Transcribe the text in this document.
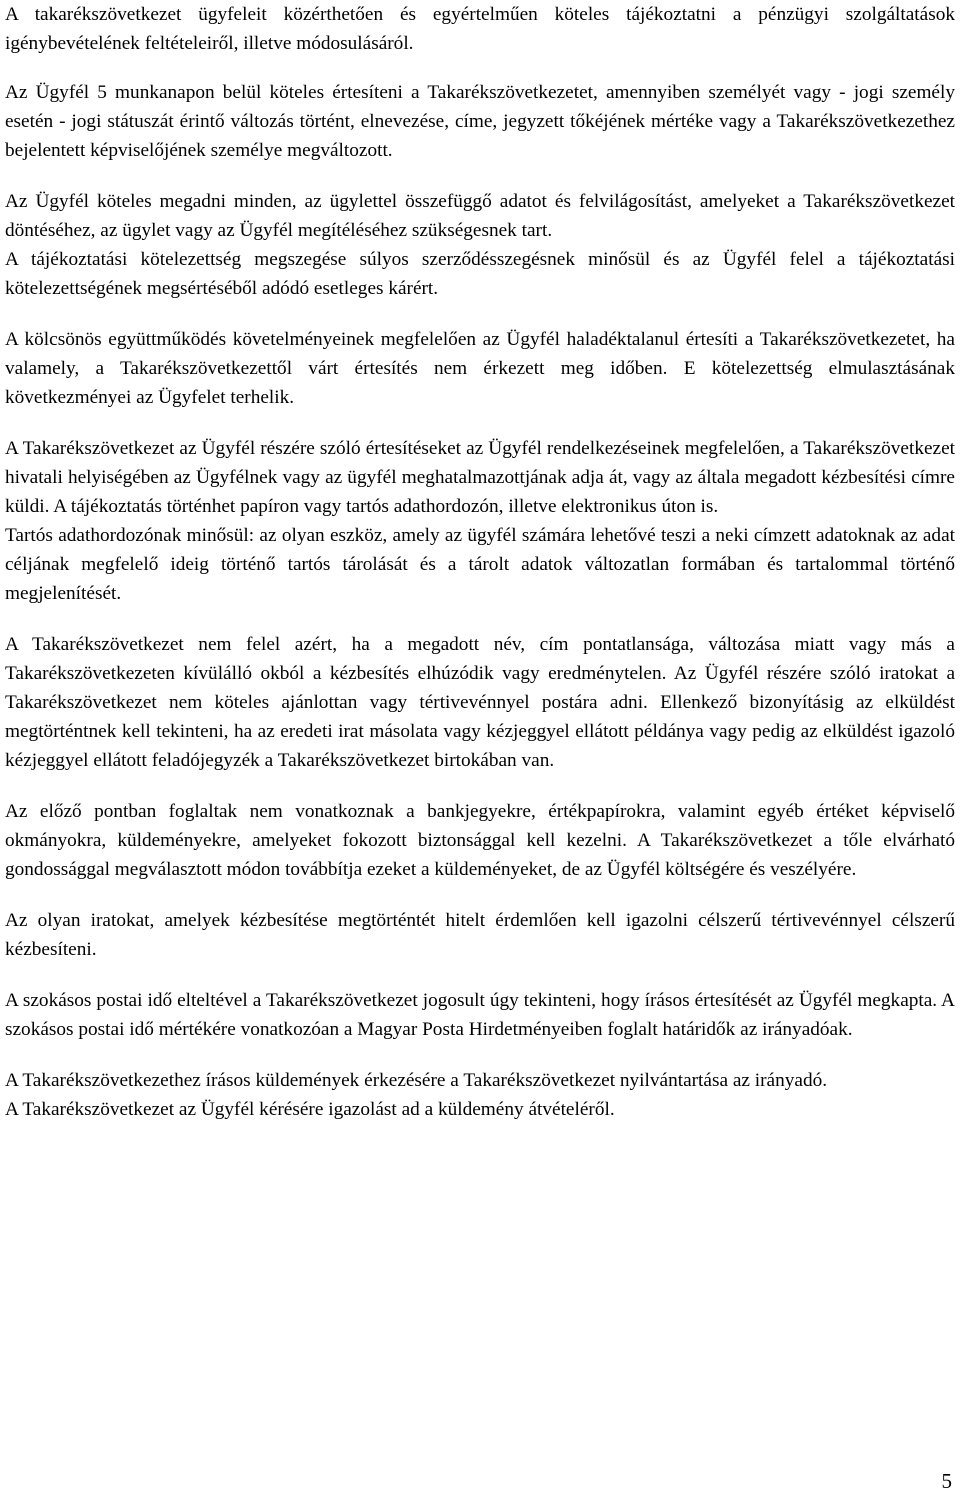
A takarékszövetkezet ügyfeleit közérthetően és egyértelműen köteles tájékoztatni a pénzügyi szolgáltatások igénybevételének feltételeiről, illetve módosulásáról.

Az Ügyfél 5 munkanapon belül köteles értesíteni a Takarékszövetkezetet, amennyiben személyét vagy - jogi személy esetén - jogi státuszát érintő változás történt, elnevezése, címe, jegyzett tőkéjének mértéke vagy a Takarékszövetkezethez bejelentett képviselőjének személye megváltozott.

Az Ügyfél köteles megadni minden, az ügylettel összefüggő adatot és felvilágosítást, amelyeket a Takarékszövetkezet döntéséhez, az ügylet vagy az Ügyfél megítéléséhez szükségesnek tart.

A tájékoztatási kötelezettség megszegése súlyos szerződésszegésnek minősül és az Ügyfél felel a tájékoztatási kötelezettségének megsértéséből adódó esetleges kárért.

A kölcsönös együttműködés követelményeinek megfelelően az Ügyfél haladéktalanul értesíti a Takarékszövetkezetet, ha valamely, a Takarékszövetkezettől várt értesítés nem érkezett meg időben. E kötelezettség elmulasztásának következményei az Ügyfelet terhelik.

A Takarékszövetkezet az Ügyfél részére szóló értesítéseket az Ügyfél rendelkezéseinek megfelelően, a Takarékszövetkezet hivatali helyiségében az Ügyfélnek vagy az ügyfél meghatalmazottjának adja át, vagy az általa megadott kézbesítési címre küldi. A tájékoztatás történhet papíron vagy tartós adathordozón, illetve elektronikus úton is.

Tartós adathordozónak minősül: az olyan eszköz, amely az ügyfél számára lehetővé teszi a neki címzett adatoknak az adat céljának megfelelő ideig történő tartós tárolását és a tárolt adatok változatlan formában és tartalommal történő megjelenítését.

A Takarékszövetkezet nem felel azért, ha a megadott név, cím pontatlansága, változása miatt vagy más a Takarékszövetkezeten kívülálló okból a kézbesítés elhúzódik vagy eredménytelen. Az Ügyfél részére szóló iratokat a Takarékszövetkezet nem köteles ajánlottan vagy tértivevénnyel postára adni. Ellenkező bizonyításig az elküldést megtörténtnek kell tekinteni, ha az eredeti irat másolata vagy kézjeggyel ellátott példánya vagy pedig az elküldést igazoló kézjeggyel ellátott feladójegyzék a Takarékszövetkezet birtokában van.

Az előző pontban foglaltak nem vonatkoznak a bankjegyekre, értékpapírokra, valamint egyéb értéket képviselő okmányokra, küldeményekre, amelyeket fokozott biztonsággal kell kezelni. A Takarékszövetkezet a tőle elvárható gondossággal megválasztott módon továbbítja ezeket a küldeményeket, de az Ügyfél költségére és veszélyére.

Az olyan iratokat, amelyek kézbesítése megtörténtét hitelt érdemlően kell igazolni célszerű tértivevénnyel célszerű kézbesíteni.

A szokásos postai idő elteltével a Takarékszövetkezet jogosult úgy tekinteni, hogy írásos értesítését az Ügyfél megkapta. A szokásos postai idő mértékére vonatkozóan a Magyar Posta Hirdetményeiben foglalt határidők az irányadóak.

A Takarékszövetkezethez írásos küldemények érkezésére a Takarékszövetkezet nyilvántartása az irányadó.

A Takarékszövetkezet az Ügyfél kérésére igazolást ad a küldemény átvételéről.

5
